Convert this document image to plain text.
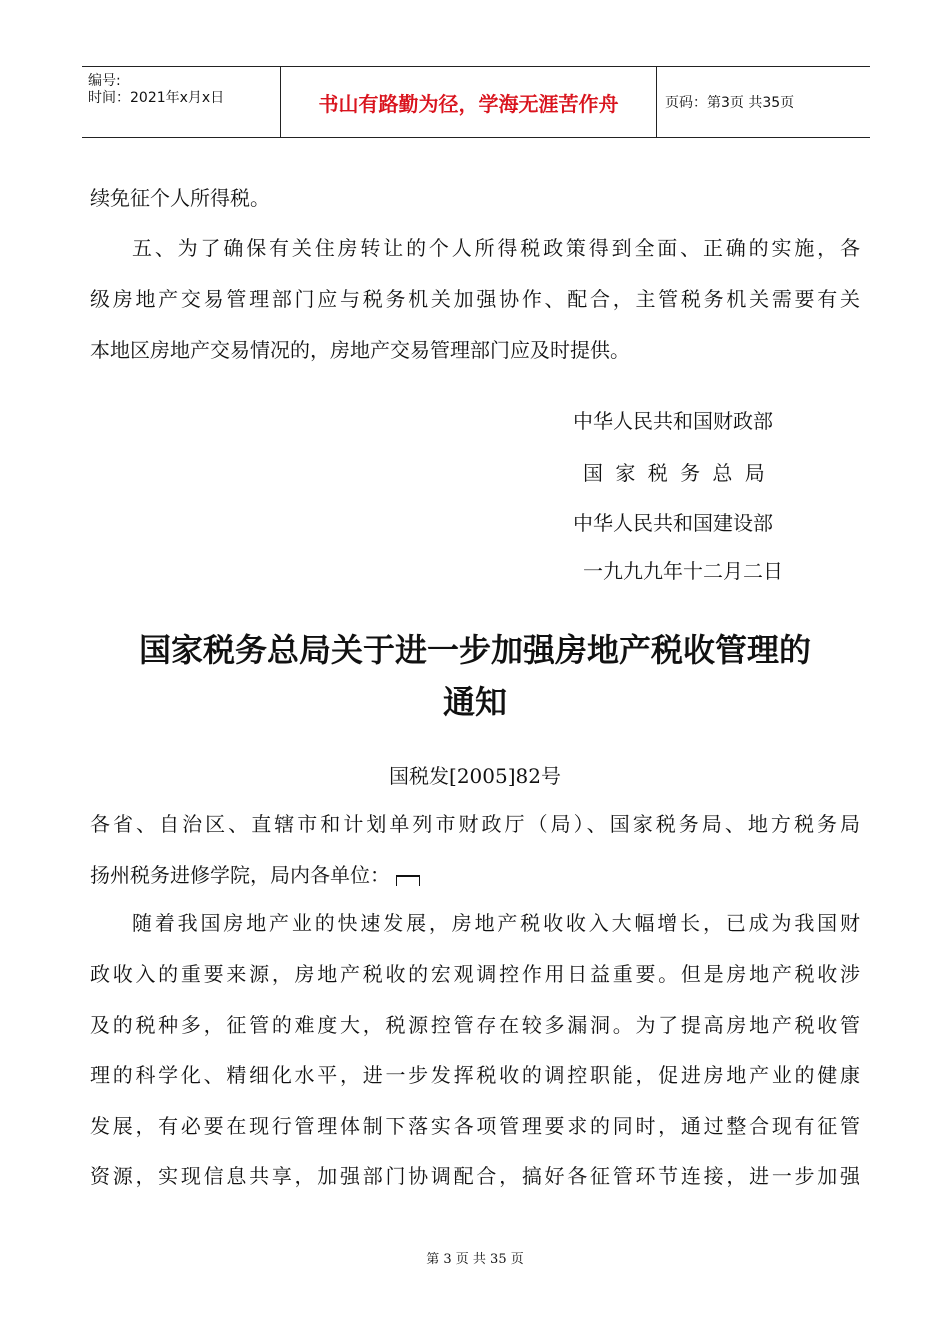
编号:
时间：2021年x月x日	书山有路勤为径，学海无涯苦作舟	页码：第3页 共35页
续免征个人所得税。
五、为了确保有关住房转让的个人所得税政策得到全面、正确的实施，各
级房地产交易管理部门应与税务机关加强协作、配合，主管税务机关需要有关
本地区房地产交易情况的，房地产交易管理部门应及时提供。
中华人民共和国财政部
国 家 税 务 总 局
中华人民共和国建设部
一九九九年十二月二日
国家税务总局关于进一步加强房地产税收管理的
通知
国税发[2005]82号
各省、自治区、直辖市和计划单列市财政厅（局）、国家税务局、地方税务局
扬州税务进修学院，局内各单位：
随着我国房地产业的快速发展，房地产税收收入大幅增长，已成为我国财
政收入的重要来源，房地产税收的宏观调控作用日益重要。但是房地产税收涉
及的税种多，征管的难度大，税源控管存在较多漏洞。为了提高房地产税收管
理的科学化、精细化水平，进一步发挥税收的调控职能，促进房地产业的健康
发展，有必要在现行管理体制下落实各项管理要求的同时，通过整合现有征管
资源，实现信息共享，加强部门协调配合，搞好各征管环节连接，进一步加强
第 3 页 共 35 页
